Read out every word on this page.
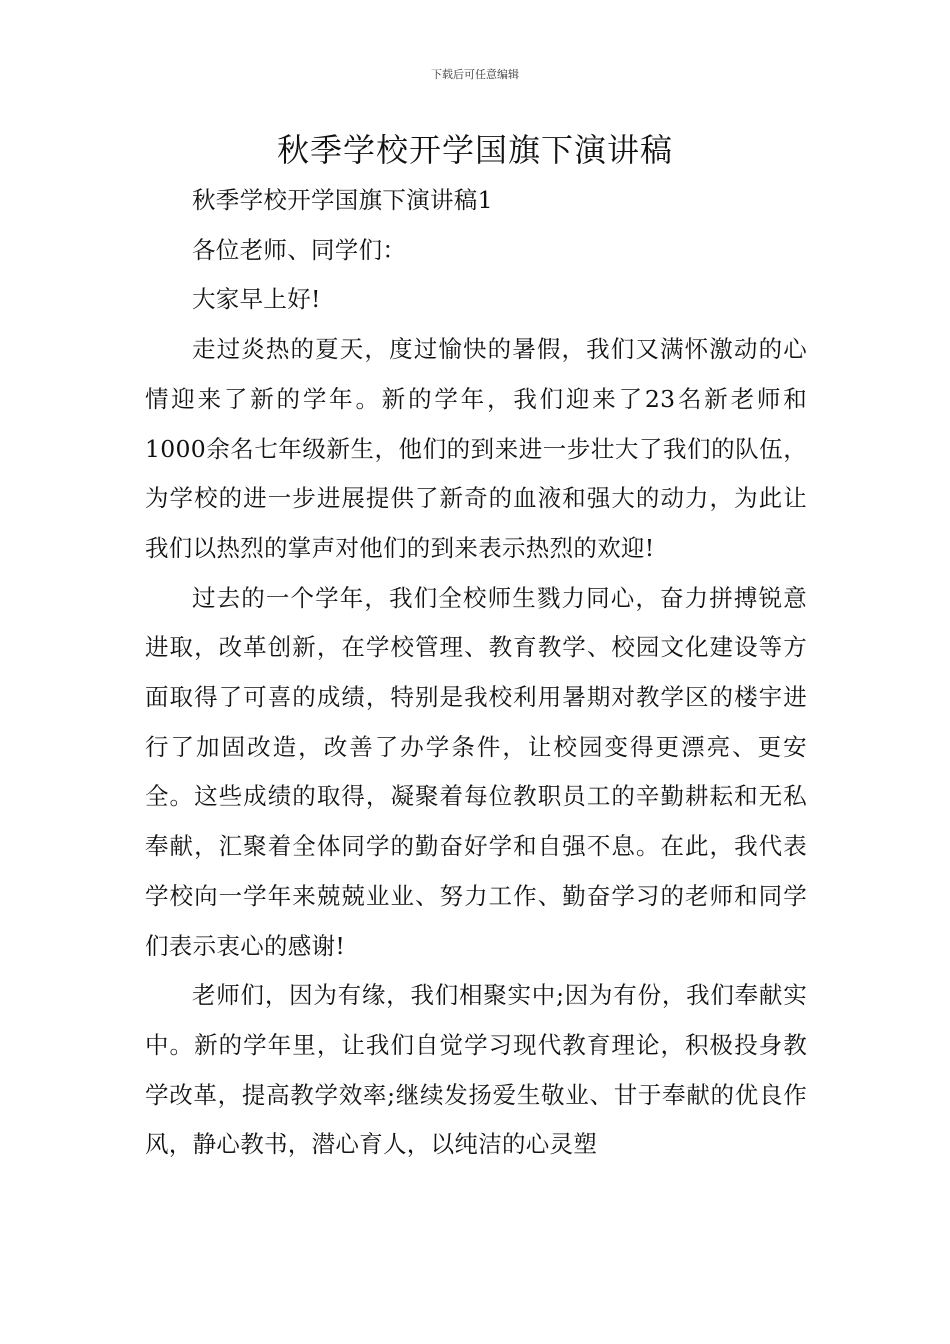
下载后可任意编辑
秋季学校开学国旗下演讲稿

秋季学校开学国旗下演讲稿1

各位老师、同学们：

大家早上好!

走过炎热的夏天，度过愉快的暑假，我们又满怀激动的心情迎来了新的学年。新的学年，我们迎来了23名新老师和1000余名七年级新生，他们的到来进一步壮大了我们的队伍，为学校的进一步进展提供了新奇的血液和强大的动力，为此让我们以热烈的掌声对他们的到来表示热烈的欢迎!

过去的一个学年，我们全校师生戮力同心，奋力拼搏锐意进取，改革创新，在学校管理、教育教学、校园文化建设等方面取得了可喜的成绩，特别是我校利用暑期对教学区的楼宇进行了加固改造，改善了办学条件，让校园变得更漂亮、更安全。这些成绩的取得，凝聚着每位教职员工的辛勤耕耘和无私奉献，汇聚着全体同学的勤奋好学和自强不息。在此，我代表学校向一学年来兢兢业业、努力工作、勤奋学习的老师和同学们表示衷心的感谢!

老师们，因为有缘，我们相聚实中;因为有份，我们奉献实中。新的学年里，让我们自觉学习现代教育理论，积极投身教学改革，提高教学效率;继续发扬爱生敬业、甘于奉献的优良作风，静心教书，潜心育人，以纯洁的心灵塑
